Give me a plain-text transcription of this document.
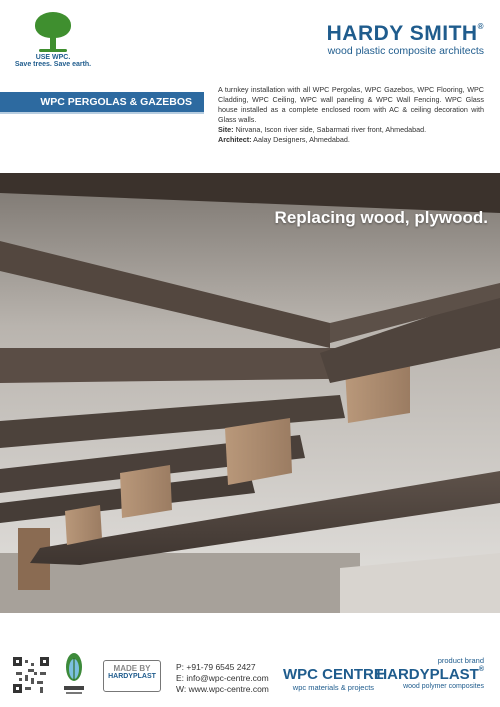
USE WPC.
Save trees. Save earth.
HARDY SMITH®
wood plastic composite architects
WPC PERGOLAS & GAZEBOS

A turnkey installation with all WPC Pergolas, WPC Gazebos, WPC Flooring, WPC Cladding, WPC Ceiling, WPC wall paneling & WPC Wall Fencing. WPC Glass house installed as a complete enclosed room with AC & ceiling decoration with Glass walls.

Site: Nirvana, Iscon river side, Sabarmati river front, Ahmedabad.

Architect: Aalay Designers, Ahmedabad.

Replacing wood, plywood.
MADE BY
HARDYPLAST
P: +91-79 6545 2427
E: info@wpc-centre.com
W: www.wpc-centre.com
WPC CENTRE
wpc materials & projects
product brand
HARDYPLAST®
wood polymer composites
